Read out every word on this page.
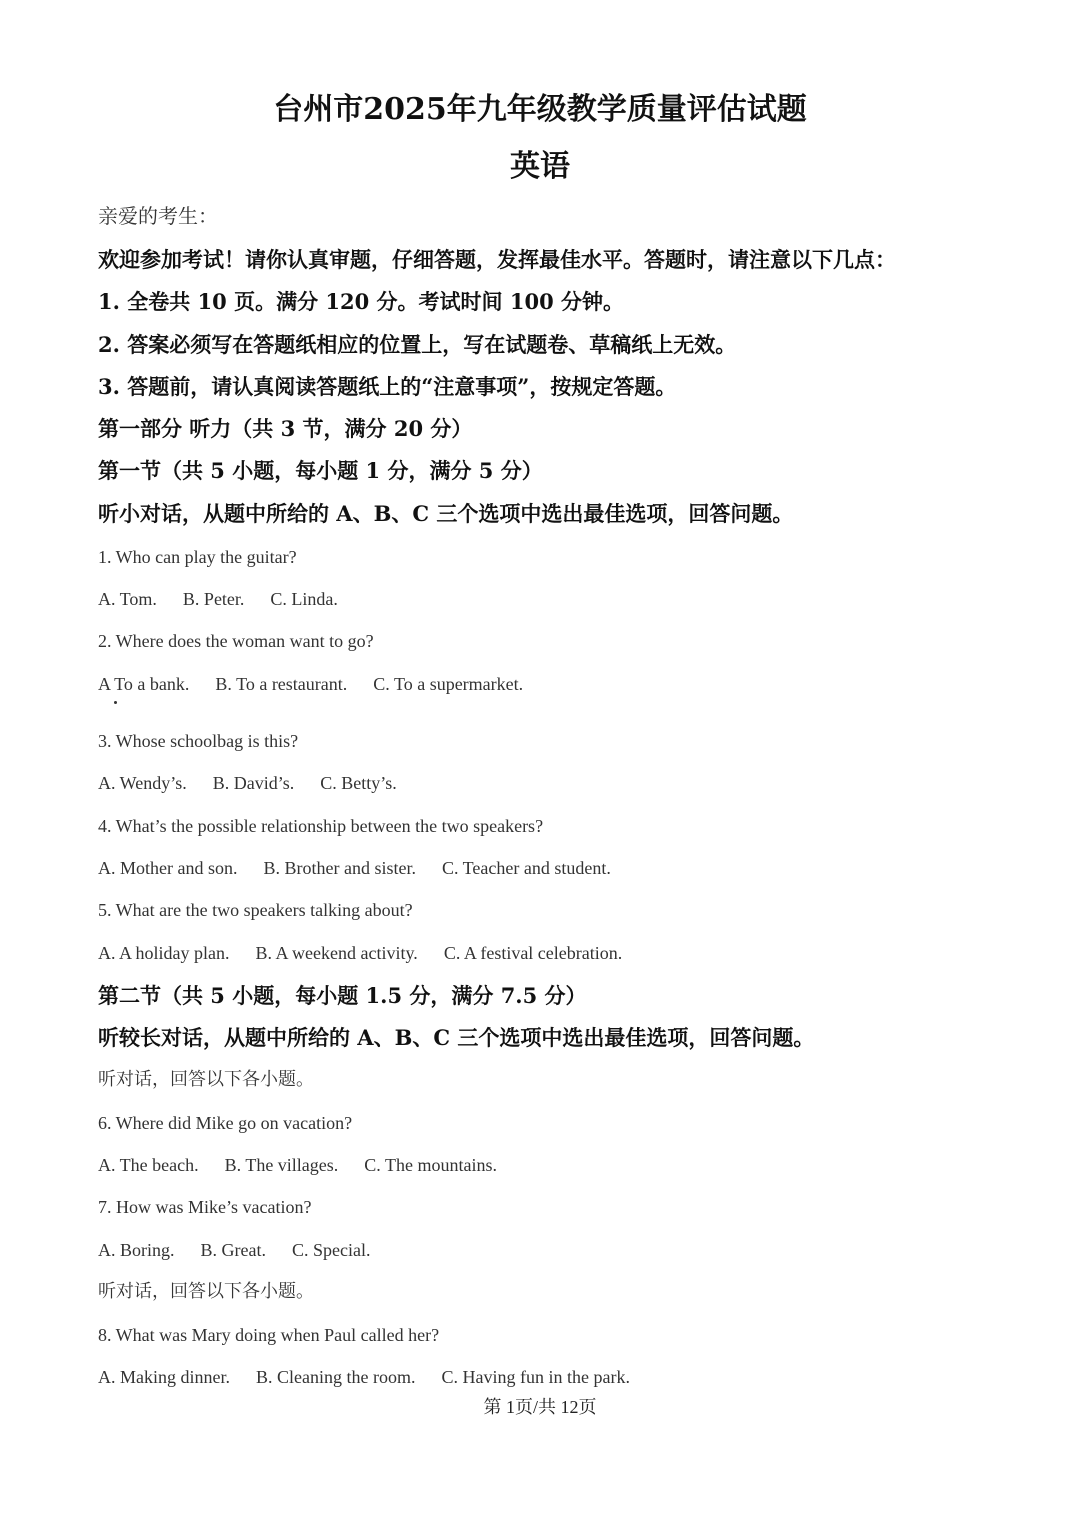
台州市2025年九年级教学质量评估试题
英语
亲爱的考生：
欢迎参加考试！请你认真审题，仔细答题，发挥最佳水平。答题时，请注意以下几点：
1. 全卷共 10 页。满分 120 分。考试时间 100 分钟。
2. 答案必须写在答题纸相应的位置上，写在试题卷、草稿纸上无效。
3. 答题前，请认真阅读答题纸上的“注意事项”，按规定答题。
第一部分 听力（共 3 节，满分 20 分）
第一节（共 5 小题，每小题 1 分，满分 5 分）
听小对话，从题中所给的 A、B、C 三个选项中选出最佳选项，回答问题。
1. Who can play the guitar?
A. Tom. B. Peter. C. Linda.
2. Where does the woman want to go?
A To a bank. B. To a restaurant. C. To a supermarket.
3. Whose schoolbag is this?
A. Wendy’s. B. David’s. C. Betty’s.
4. What’s the possible relationship between the two speakers?
A. Mother and son. B. Brother and sister. C. Teacher and student.
5. What are the two speakers talking about?
A. A holiday plan. B. A weekend activity. C. A festival celebration.
第二节（共 5 小题，每小题 1.5 分，满分 7.5 分）
听较长对话，从题中所给的 A、B、C 三个选项中选出最佳选项，回答问题。
听对话，回答以下各小题。
6. Where did Mike go on vacation?
A. The beach. B. The villages. C. The mountains.
7. How was Mike’s vacation?
A. Boring. B. Great. C. Special.
听对话，回答以下各小题。
8. What was Mary doing when Paul called her?
A. Making dinner. B. Cleaning the room. C. Having fun in the park.
第 1页/共 12页
